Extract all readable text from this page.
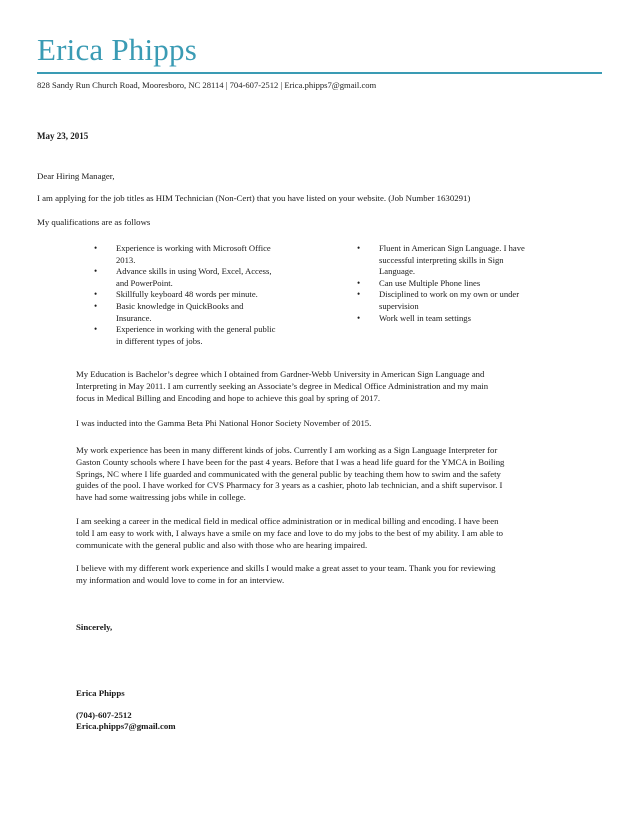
Erica Phipps
828 Sandy Run Church Road, Mooresboro, NC 28114 | 704-607-2512 | Erica.phipps7@gmail.com
May 23, 2015
Dear Hiring Manager,
I am applying for the job titles as HIM Technician (Non-Cert) that you have listed on your website. (Job Number 1630291)
My qualifications are as follows
• Experience is working with Microsoft Office
2013.
• Advance skills in using Word, Excel, Access,
and PowerPoint.
• Skillfully keyboard 48 words per minute.
• Basic knowledge in QuickBooks and
Insurance.
• Experience in working with the general public
in different types of jobs.
• Fluent in American Sign Language. I have
successful interpreting skills in Sign
Language.
• Can use Multiple Phone lines
• Disciplined to work on my own or under
supervision
• Work well in team settings
My Education is Bachelor’s degree which I obtained from Gardner-Webb University in American Sign Language and
Interpreting in May 2011. I am currently seeking an Associate’s degree in Medical Office Administration and my main
focus in Medical Billing and Encoding and hope to achieve this goal by spring of 2017.
I was inducted into the Gamma Beta Phi National Honor Society November of 2015.
My work experience has been in many different kinds of jobs. Currently I am working as a Sign Language Interpreter for
Gaston County schools where I have been for the past 4 years. Before that I was a head life guard for the YMCA in Boiling
Springs, NC where I life guarded and communicated with the general public by teaching them how to swim and the safety
guides of the pool. I have worked for CVS Pharmacy for 3 years as a cashier, photo lab technician, and a shift supervisor. I
have had some waitressing jobs while in college.
I am seeking a career in the medical field in medical office administration or in medical billing and encoding. I have been
told I am easy to work with, I always have a smile on my face and love to do my jobs to the best of my ability. I am able to
communicate with the general public and also with those who are hearing impaired.
I believe with my different work experience and skills I would make a great asset to your team. Thank you for reviewing
my information and would love to come in for an interview.
Sincerely,
Erica Phipps
(704)-607-2512
Erica.phipps7@gmail.com
